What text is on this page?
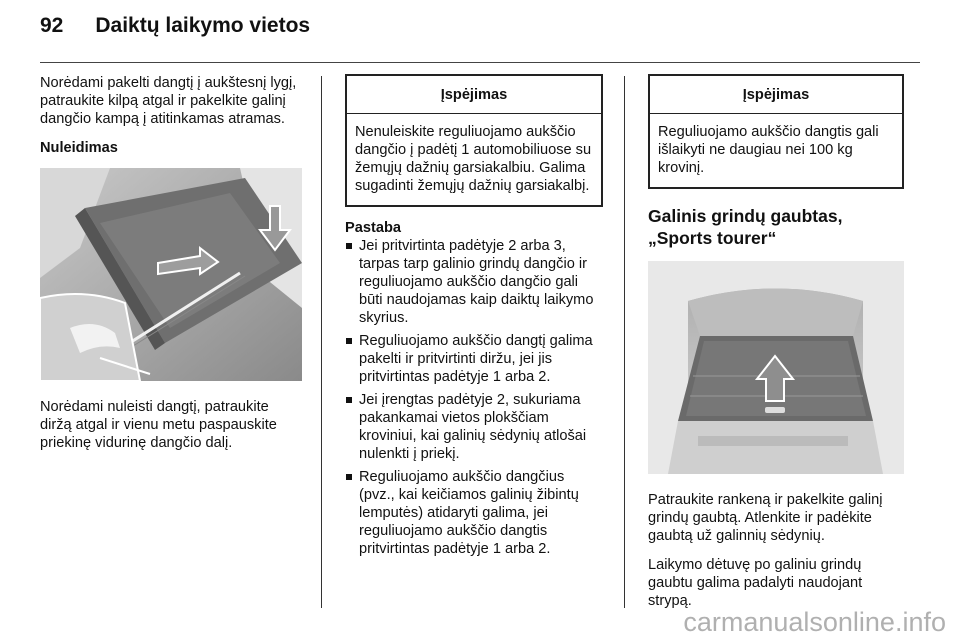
92 Daiktų laikymo vietos

Norėdami pakelti dangtį į aukštesnį lygį, patraukite kilpą atgal ir pakelkite galinį dangčio kampą į atitinkamas atramas.

Nuleidimas

Norėdami nuleisti dangtį, patraukite diržą atgal ir vienu metu paspauskite priekinę vidurinę dangčio dalį.

Įspėjimas
Nenuleiskite reguliuojamo aukščio dangčio į padėtį 1 automobiliuose su žemųjų dažnių garsiakalbiu. Galima sugadinti žemųjų dažnių garsiakalbį.
Pastaba
Jei pritvirtinta padėtyje 2 arba 3, tarpas tarp galinio grindų dangčio ir reguliuojamo aukščio dangčio gali būti naudojamas kaip daiktų laikymo skyrius.
Reguliuojamo aukščio dangtį galima pakelti ir pritvirtinti diržu, jei jis pritvirtintas padėtyje 1 arba 2.
Jei įrengtas padėtyje 2, sukuriama pakankamai vietos plokščiam kroviniui, kai galinių sėdynių atlošai nulenkti į priekį.
Reguliuojamo aukščio dangčius (pvz., kai keičiamos galinių žibintų lemputės) atidaryti galima, jei reguliuojamo aukščio dangtis pritvirtintas padėtyje 1 arba 2.
Įspėjimas
Reguliuojamo aukščio dangtis gali išlaikyti ne daugiau nei 100 kg krovinį.
Galinis grindų gaubtas, „Sports tourer“

Patraukite rankeną ir pakelkite galinį grindų gaubtą. Atlenkite ir padėkite gaubtą už galinnių sėdynių.

Laikymo dėtuvę po galiniu grindų gaubtu galima padalyti naudojant strypą.

carmanualsonline.info
